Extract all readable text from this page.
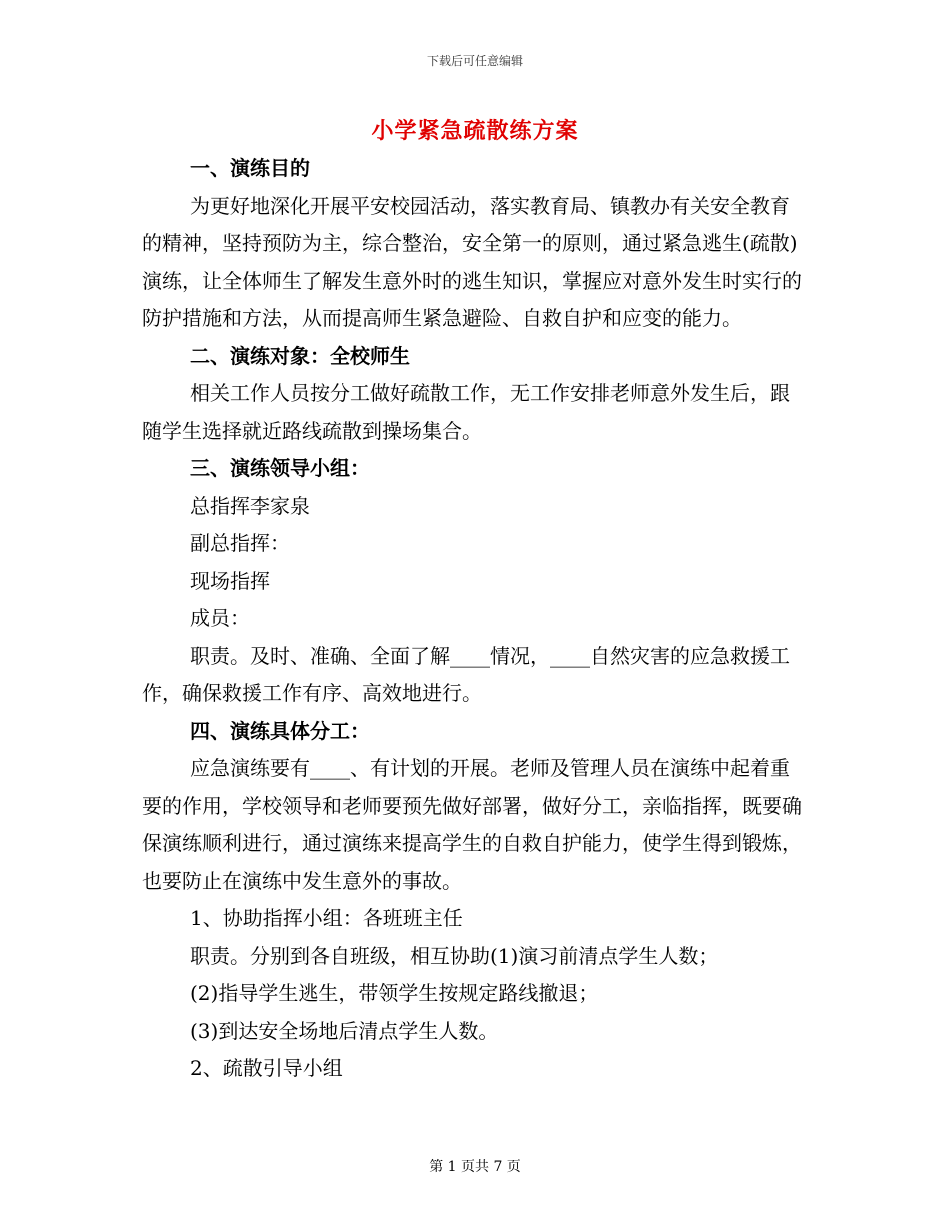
下载后可任意编辑
小学紧急疏散练方案

一、演练目的

为更好地深化开展平安校园活动，落实教育局、镇教办有关安全教育的精神，坚持预防为主，综合整治，安全第一的原则，通过紧急逃生(疏散)演练，让全体师生了解发生意外时的逃生知识，掌握应对意外发生时实行的防护措施和方法，从而提高师生紧急避险、自救自护和应变的能力。

二、演练对象：全校师生

相关工作人员按分工做好疏散工作，无工作安排老师意外发生后，跟随学生选择就近路线疏散到操场集合。

三、演练领导小组：

总指挥李家泉

副总指挥：

现场指挥

成员：

职责。及时、准确、全面了解____情况，____自然灾害的应急救援工作，确保救援工作有序、高效地进行。

四、演练具体分工：

应急演练要有____、有计划的开展。老师及管理人员在演练中起着重要的作用，学校领导和老师要预先做好部署，做好分工，亲临指挥，既要确保演练顺利进行，通过演练来提高学生的自救自护能力，使学生得到锻炼，也要防止在演练中发生意外的事故。

1、协助指挥小组：各班班主任

职责。分别到各自班级，相互协助(1)演习前清点学生人数；

(2)指导学生逃生，带领学生按规定路线撤退；

(3)到达安全场地后清点学生人数。

2、疏散引导小组

第 1 页共 7 页
